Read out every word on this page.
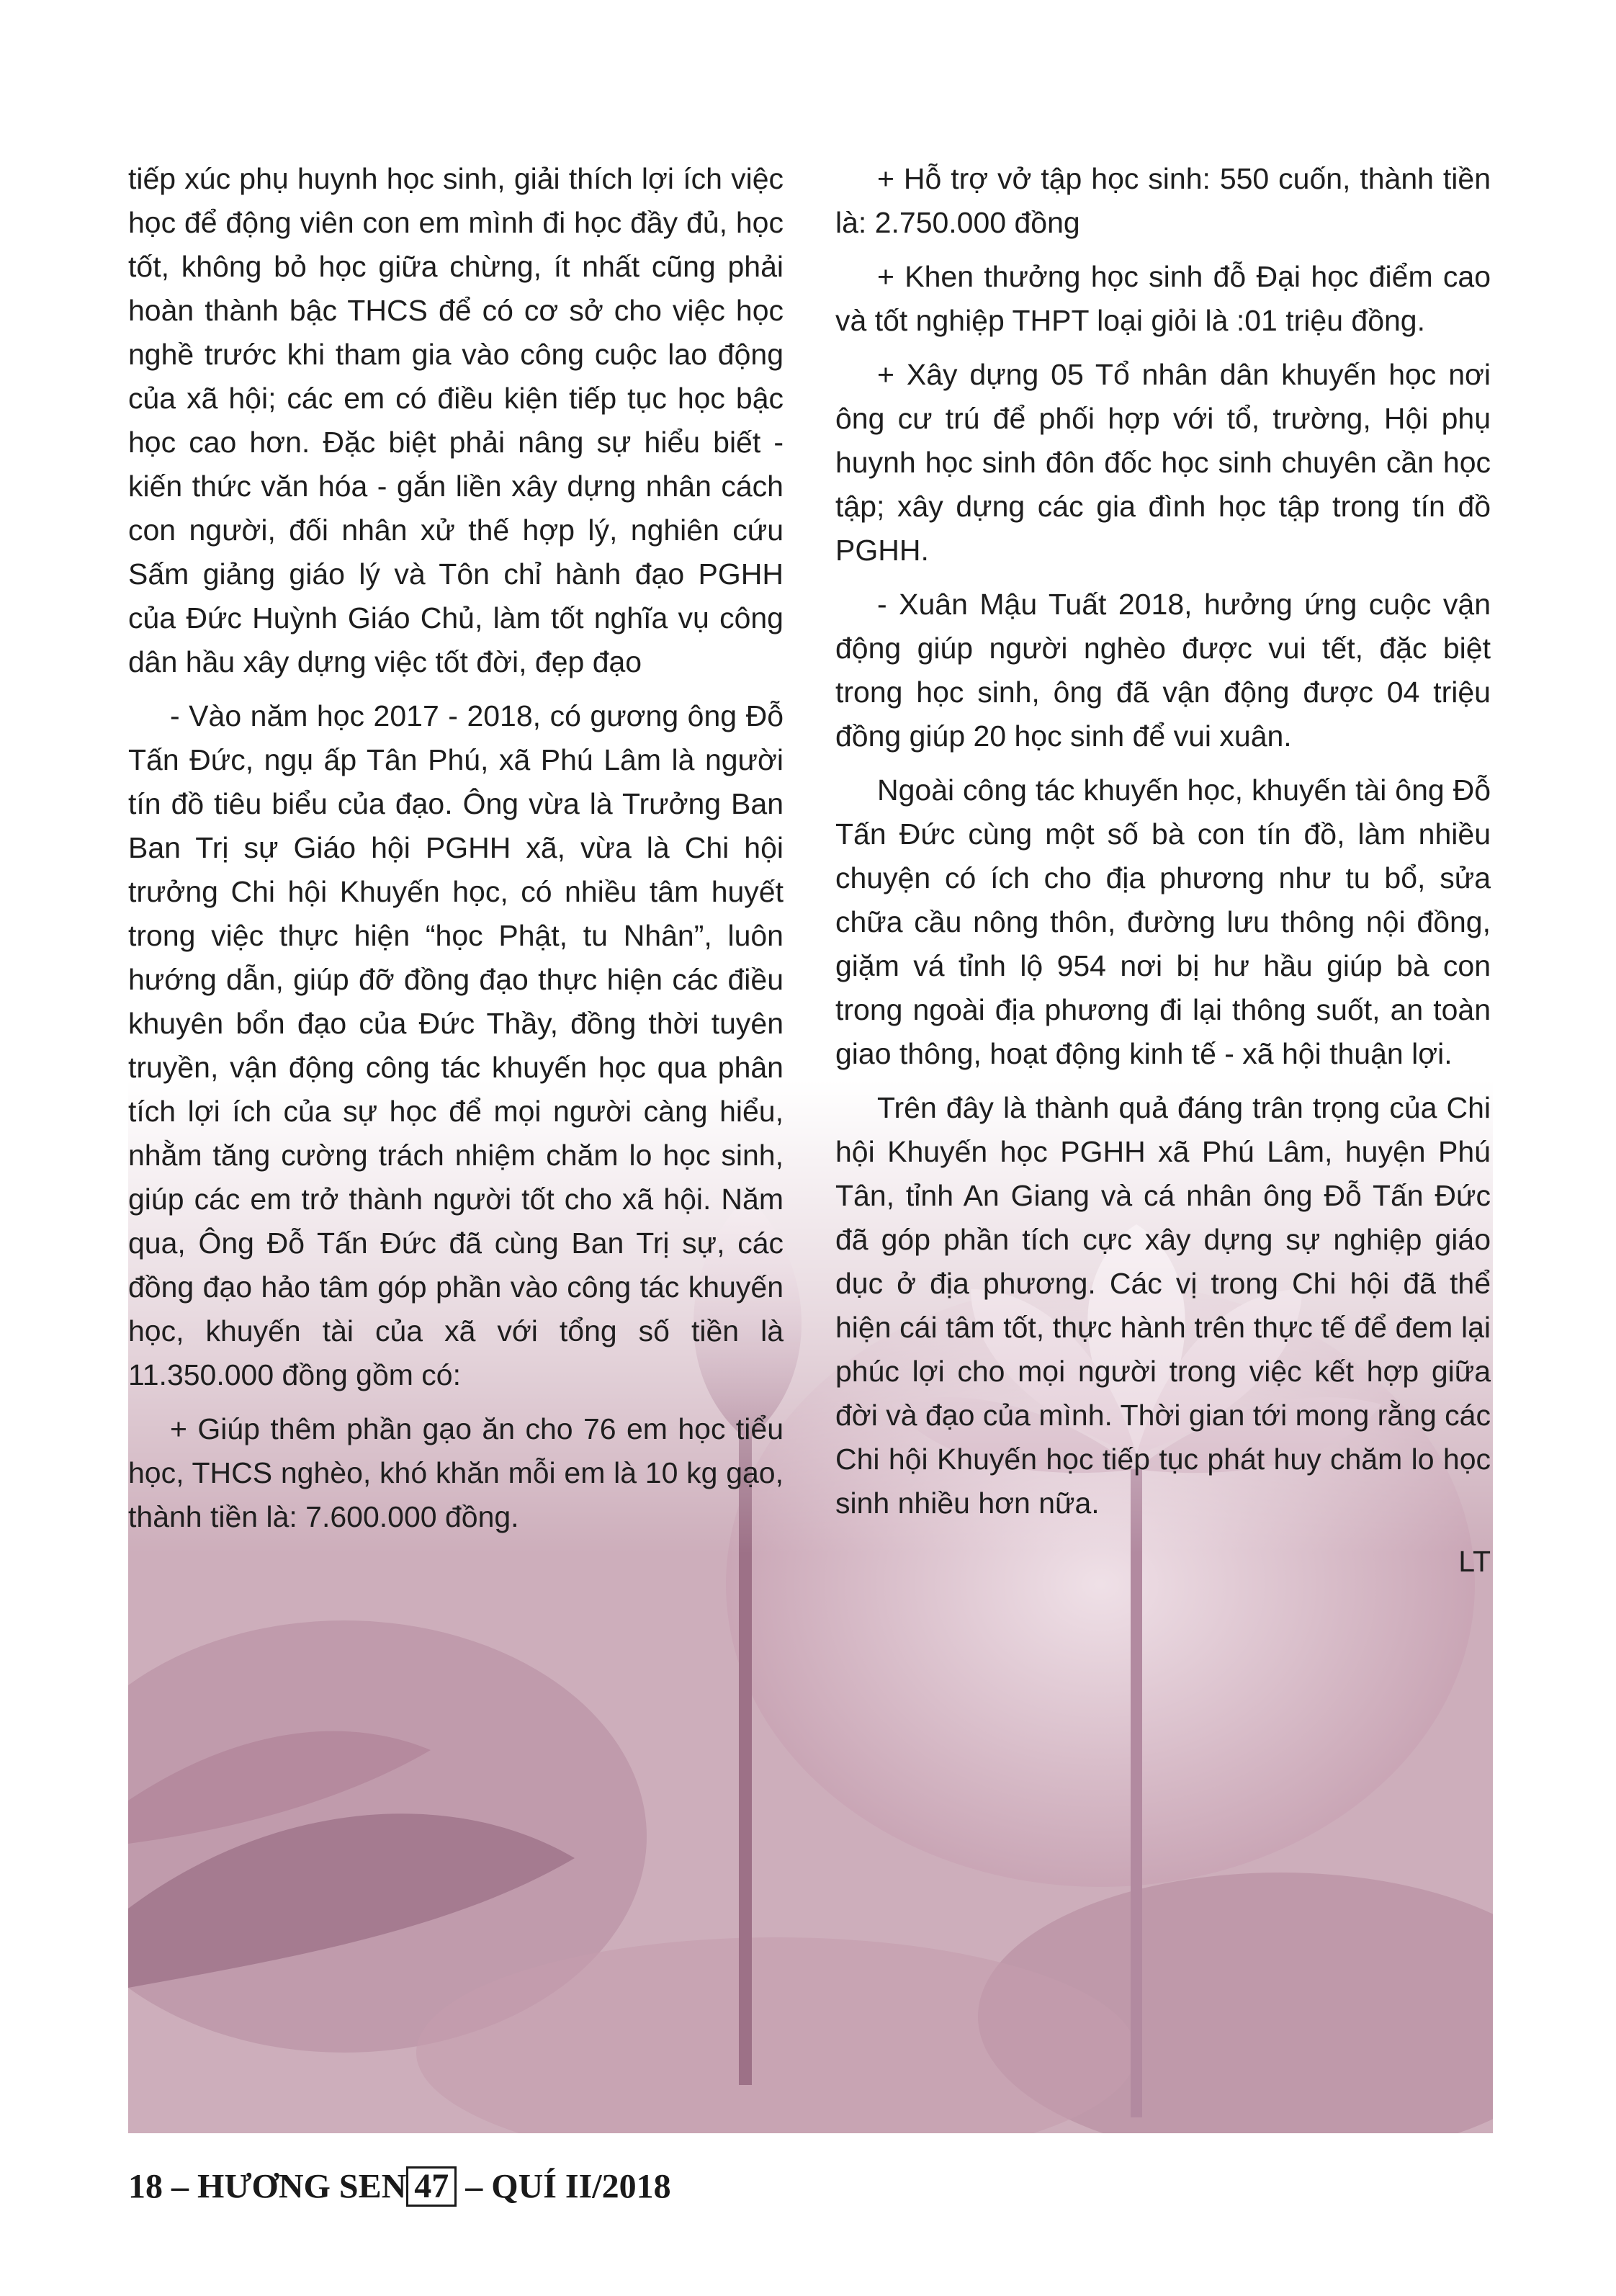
tiếp xúc phụ huynh học sinh, giải thích lợi ích việc học để động viên con em mình đi học đầy đủ, học tốt, không bỏ học giữa chừng, ít nhất cũng phải hoàn thành bậc THCS để có cơ sở cho việc học nghề trước khi tham gia vào công cuộc lao động của xã hội; các em có điều kiện tiếp tục học bậc học cao hơn. Đặc biệt phải nâng sự hiểu biết - kiến thức văn hóa - gắn liền xây dựng nhân cách con người, đối nhân xử thế hợp lý, nghiên cứu Sấm giảng giáo lý và Tôn chỉ hành đạo PGHH của Đức Huỳnh Giáo Chủ, làm tốt nghĩa vụ công dân hầu xây dựng việc tốt đời, đẹp đạo

- Vào năm học 2017 - 2018, có gương ông Đỗ Tấn Đức, ngụ ấp Tân Phú, xã Phú Lâm là người tín đồ tiêu biểu của đạo. Ông vừa là Trưởng Ban Ban Trị sự Giáo hội PGHH xã, vừa là Chi hội trưởng Chi hội Khuyến học, có nhiều tâm huyết trong việc thực hiện “học Phật, tu Nhân”, luôn hướng dẫn, giúp đỡ đồng đạo thực hiện các điều khuyên bổn đạo của Đức Thầy, đồng thời tuyên truyền, vận động công tác khuyến học qua phân tích lợi ích của sự học để mọi người càng hiểu, nhằm tăng cường trách nhiệm chăm lo học sinh, giúp các em trở thành người tốt cho xã hội. Năm qua, Ông Đỗ Tấn Đức đã cùng Ban Trị sự, các đồng đạo hảo tâm góp phần vào công tác khuyến học, khuyến tài của xã với tổng số tiền là 11.350.000 đồng gồm có:

+ Giúp thêm phần gạo ăn cho 76 em học tiểu học, THCS nghèo, khó khăn mỗi em là 10 kg gạo, thành tiền là: 7.600.000 đồng.

+ Hỗ trợ vở tập học sinh: 550 cuốn, thành tiền là: 2.750.000 đồng

+ Khen thưởng học sinh đỗ Đại học điểm cao và tốt nghiệp THPT loại giỏi là :01 triệu đồng.

+ Xây dựng 05 Tổ nhân dân khuyến học nơi ông cư trú để phối hợp với tổ, trường, Hội phụ huynh học sinh đôn đốc học sinh chuyên cần học tập; xây dựng các gia đình học tập trong tín đồ PGHH.

- Xuân Mậu Tuất 2018, hưởng ứng cuộc vận động giúp người nghèo được vui tết, đặc biệt trong học sinh, ông đã vận động được 04 triệu đồng giúp 20 học sinh để vui xuân.

Ngoài công tác khuyến học, khuyến tài ông Đỗ Tấn Đức cùng một số bà con tín đồ, làm nhiều chuyện có ích cho địa phương như tu bổ, sửa chữa cầu nông thôn, đường lưu thông nội đồng, giặm vá tỉnh lộ 954 nơi bị hư hầu giúp bà con trong ngoài địa phương đi lại thông suốt, an toàn giao thông, hoạt động kinh tế - xã hội thuận lợi.

Trên đây là thành quả đáng trân trọng của Chi hội Khuyến học PGHH xã Phú Lâm, huyện Phú Tân, tỉnh An Giang và cá nhân ông Đỗ Tấn Đức đã góp phần tích cực xây dựng sự nghiệp giáo dục ở địa phương. Các vị trong Chi hội đã thể hiện cái tâm tốt, thực hành trên thực tế để đem lại phúc lợi cho mọi người trong việc kết hợp giữa đời và đạo của mình. Thời gian tới mong rằng các Chi hội Khuyến học tiếp tục phát huy chăm lo học sinh nhiều hơn nữa.

LT

18 – HƯƠNG SEN 47 – QUÍ II/2018
